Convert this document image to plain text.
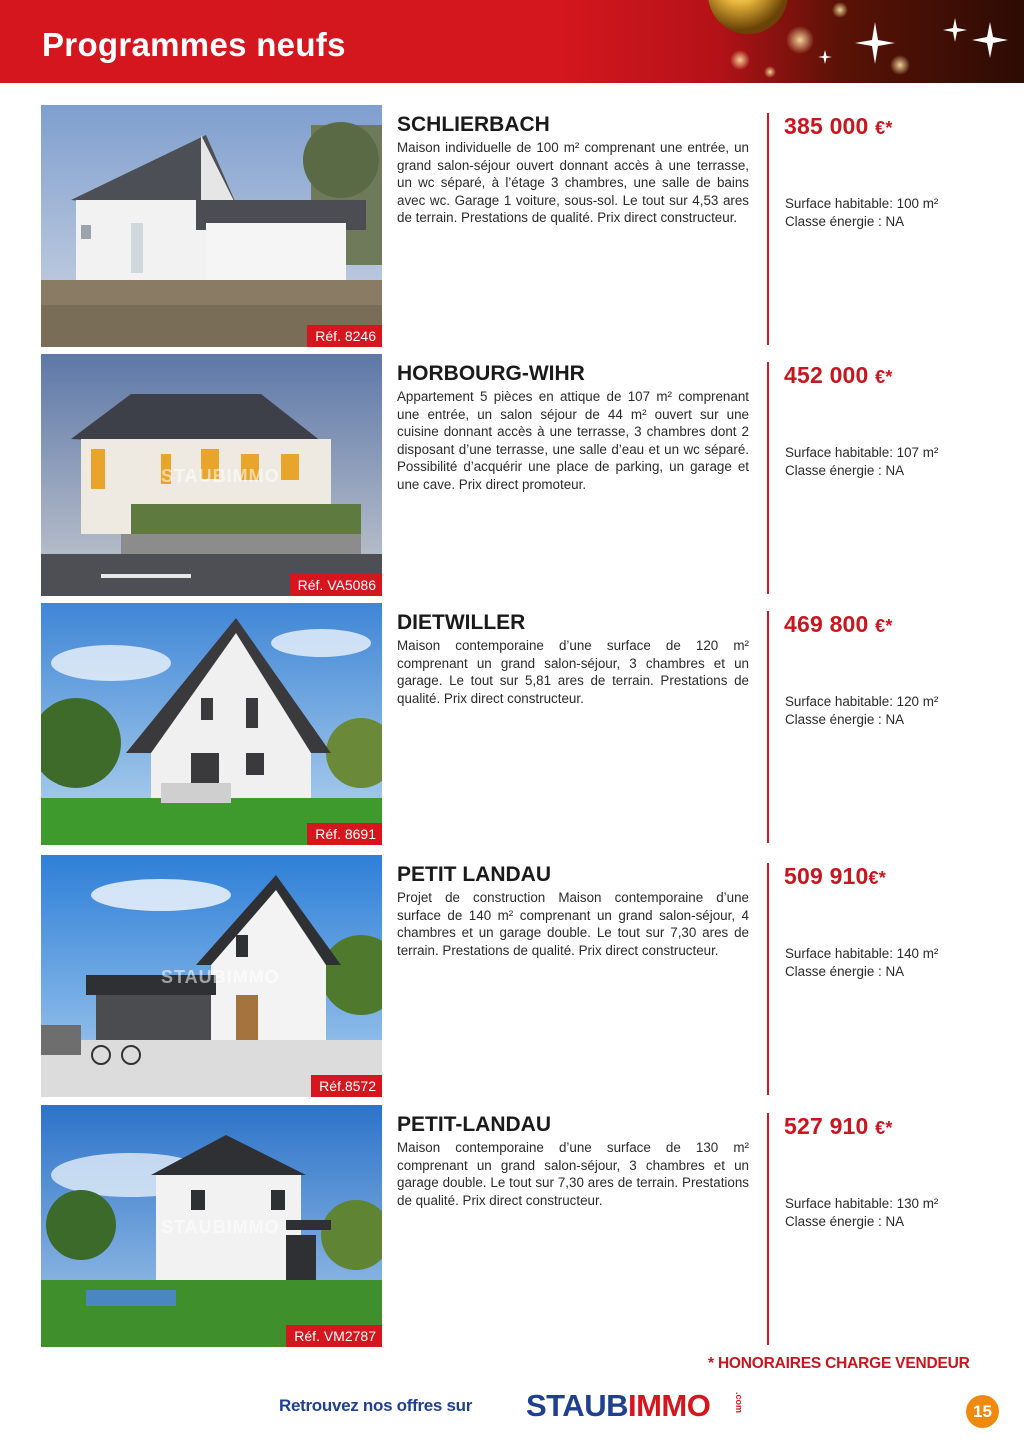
Programmes neufs
Réf. 8246
SCHLIERBACH
Maison individuelle de 100 m² comprenant une entrée, un grand salon-séjour ouvert donnant accès à une terrasse, un wc séparé, à l’étage 3 chambres, une salle de bains avec wc. Garage 1 voiture, sous-sol. Le tout sur 4,53 ares de terrain. Prestations de qualité. Prix direct constructeur.
385 000 €*
Surface habitable: 100 m²
Classe énergie : NA
STAUBIMMO
Réf. VA5086
HORBOURG-WIHR
Appartement 5 pièces en attique de 107 m² comprenant une entrée, un salon séjour de 44 m² ouvert sur une cuisine donnant accès à une terrasse, 3 chambres dont 2 disposant d’une terrasse, une salle d’eau et un wc séparé. Possibilité d’acquérir une place de parking, un garage et une cave. Prix direct promoteur.
452 000 €*
Surface habitable: 107 m²
Classe énergie : NA
Réf. 8691
DIETWILLER
Maison contemporaine d’une surface de 120 m² comprenant un grand salon-séjour, 3 chambres et un garage. Le tout sur 5,81 ares de terrain. Prestations de qualité. Prix direct constructeur.
469 800 €*
Surface habitable: 120 m²
Classe énergie : NA
STAUBIMMO
Réf.8572
PETIT LANDAU
Projet de construction Maison contemporaine d’une surface de 140 m² comprenant un grand salon-séjour, 4 chambres et un garage double. Le tout sur 7,30 ares de terrain. Prestations de qualité. Prix direct constructeur.
509 910€*
Surface habitable: 140 m²
Classe énergie : NA
STAUBIMMO
Réf. VM2787
PETIT-LANDAU
Maison contemporaine d’une surface de 130 m² comprenant un grand salon-séjour, 3 chambres et un garage double. Le tout sur 7,30 ares de terrain. Prestations de qualité. Prix direct constructeur.
527 910 €*
Surface habitable: 130 m²
Classe énergie : NA
* HONORAIRES CHARGE VENDEUR
Retrouvez nos offres sur STAUBIMMO	.com	15
